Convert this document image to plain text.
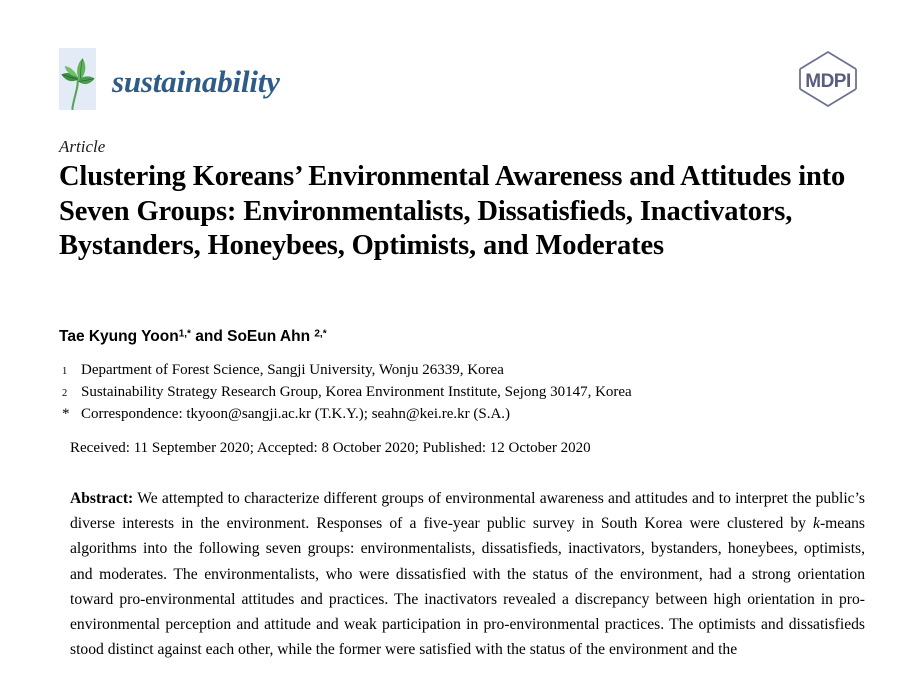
sustainability	MDPI
Article
Clustering Koreans’ Environmental Awareness and Attitudes into Seven Groups: Environmentalists, Dissatisfieds, Inactivators, Bystanders, Honeybees, Optimists, and Moderates
Tae Kyung Yoon$^{1,*}$ and SoEun Ahn $^{2,*}$
1 Department of Forest Science, Sangji University, Wonju 26339, Korea
2 Sustainability Strategy Research Group, Korea Environment Institute, Sejong 30147, Korea
* Correspondence: tkyoon@sangji.ac.kr (T.K.Y.); seahn@kei.re.kr (S.A.)
Received: 11 September 2020; Accepted: 8 October 2020; Published: 12 October 2020
Abstract: We attempted to characterize different groups of environmental awareness and attitudes and to interpret the public’s diverse interests in the environment. Responses of a five-year public survey in South Korea were clustered by k-means algorithms into the following seven groups: environmentalists, dissatisfieds, inactivators, bystanders, honeybees, optimists, and moderates. The environmentalists, who were dissatisfied with the status of the environment, had a strong orientation toward pro-environmental attitudes and practices. The inactivators revealed a discrepancy between high orientation in pro-environmental perception and attitude and weak participation in pro-environmental practices. The optimists and dissatisfieds stood distinct against each other, while the former were satisfied with the status of the environment and the
